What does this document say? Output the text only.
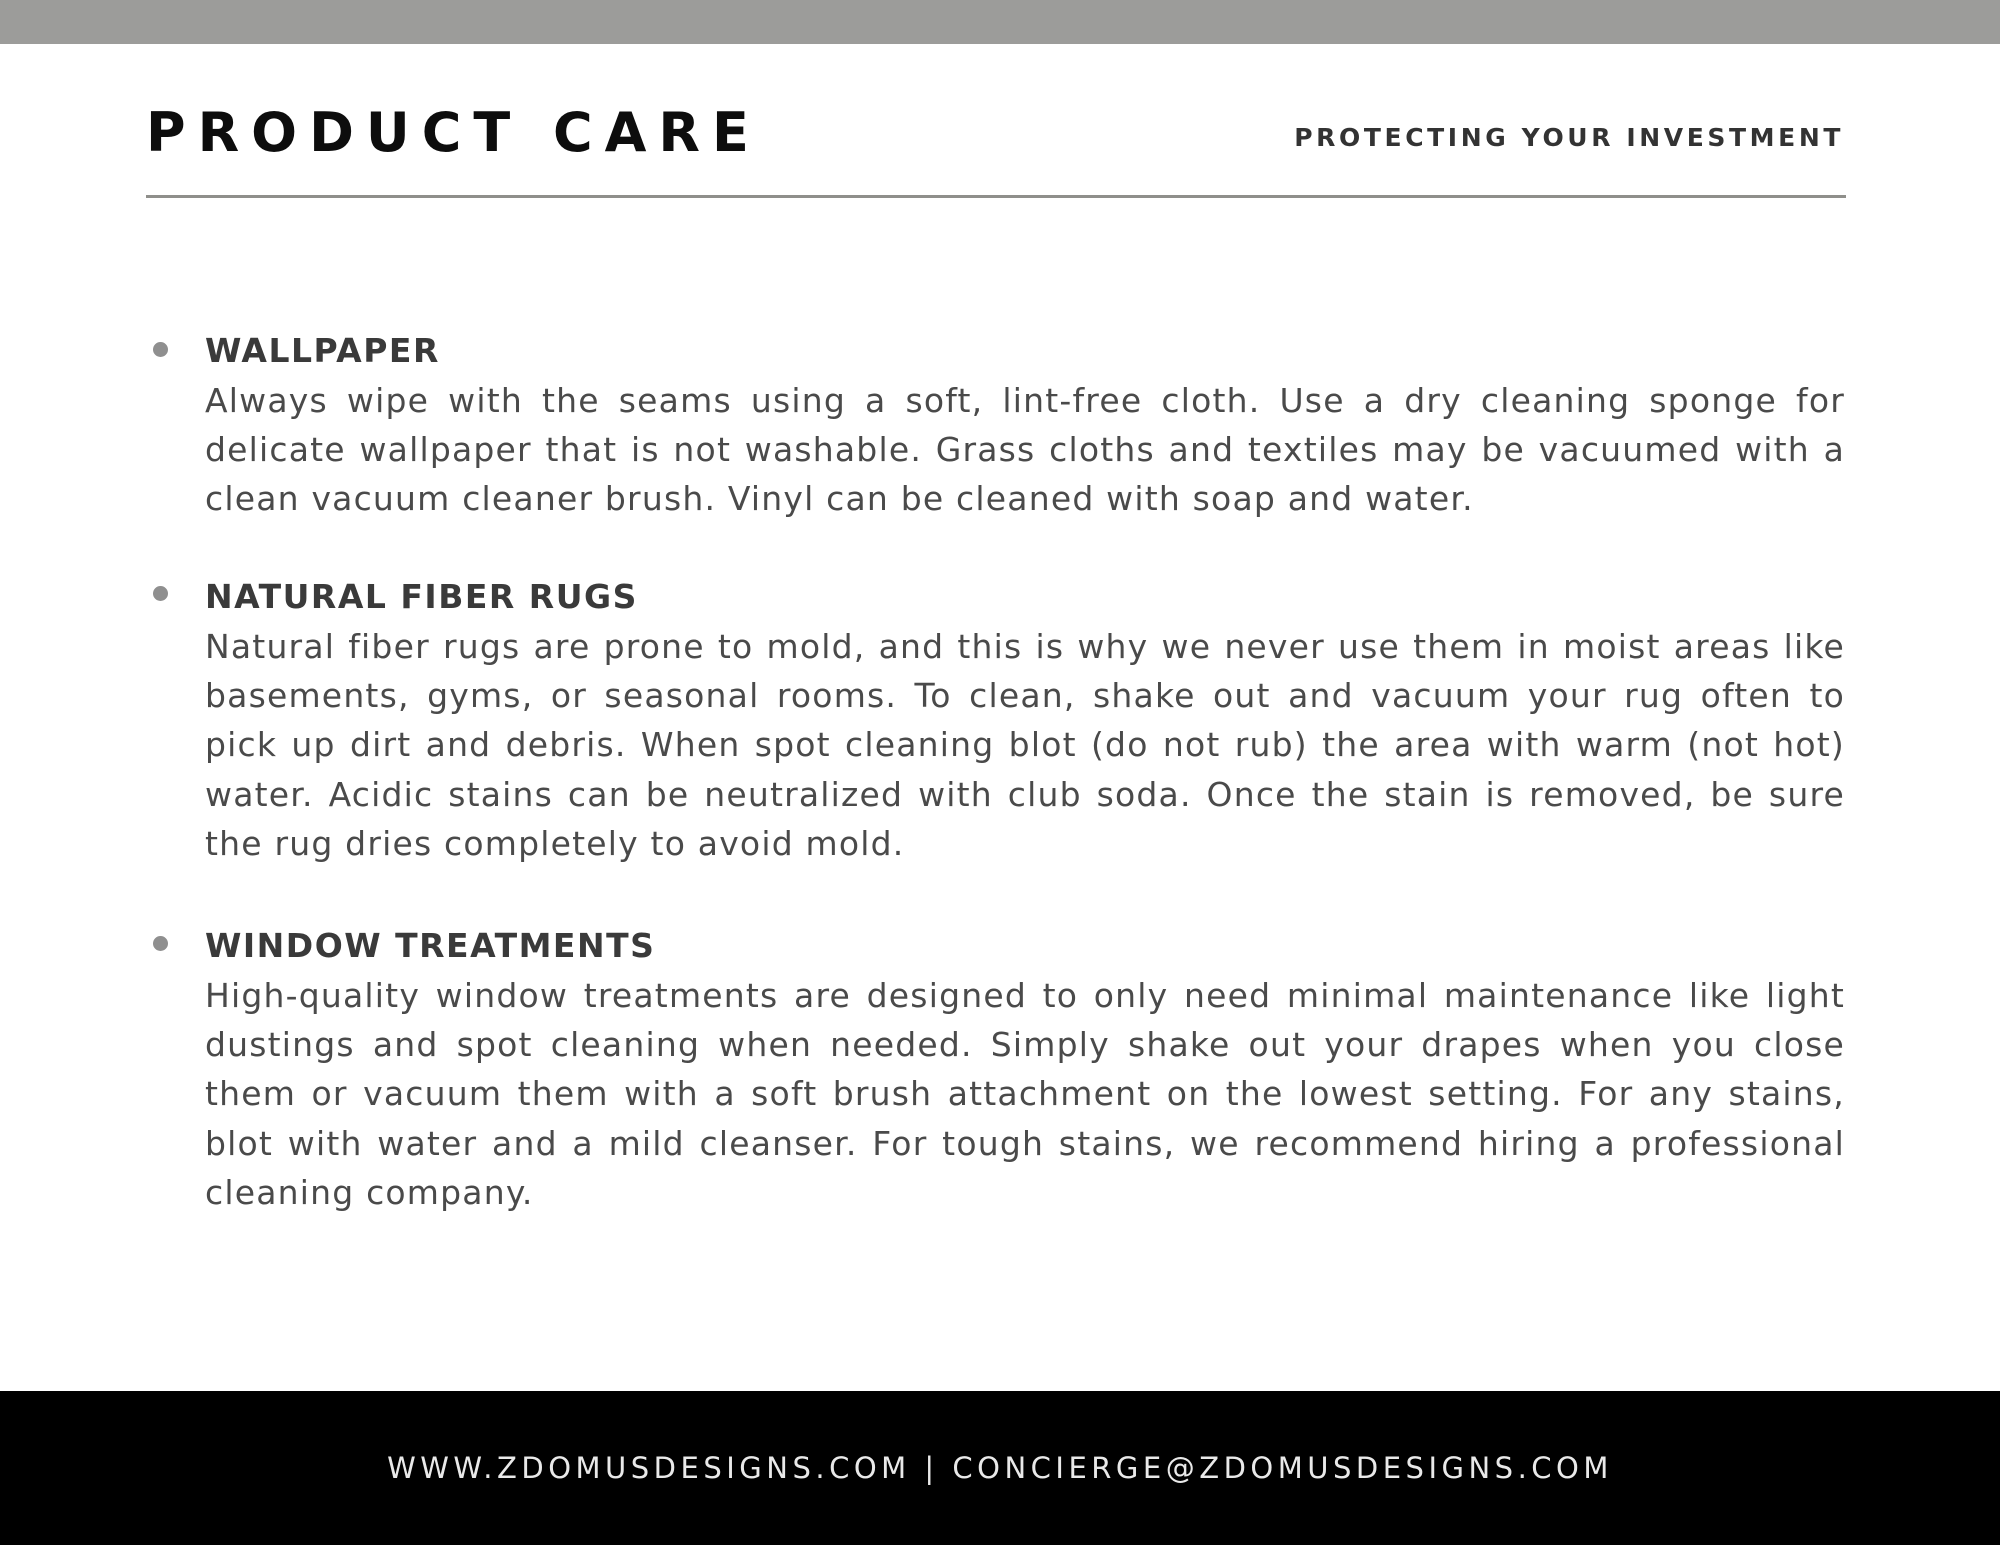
PRODUCT CARE	PROTECTING YOUR INVESTMENT
WALLPAPER
Always wipe with the seams using a soft, lint-free cloth. Use a dry cleaning sponge for delicate wallpaper that is not washable. Grass cloths and textiles may be vacuumed with a clean vacuum cleaner brush. Vinyl can be cleaned with soap and water.
NATURAL FIBER RUGS
Natural fiber rugs are prone to mold, and this is why we never use them in moist areas like basements, gyms, or seasonal rooms. To clean, shake out and vacuum your rug often to pick up dirt and debris. When spot cleaning blot (do not rub) the area with warm (not hot) water. Acidic stains can be neutralized with club soda. Once the stain is removed, be sure the rug dries completely to avoid mold.
WINDOW TREATMENTS
High-quality window treatments are designed to only need minimal maintenance like light dustings and spot cleaning when needed. Simply shake out your drapes when you close them or vacuum them with a soft brush attachment on the lowest setting. For any stains, blot with water and a mild cleanser. For tough stains, we recommend hiring a professional cleaning company.
WWW.ZDOMUSDESIGNS.COM | CONCIERGE@ZDOMUSDESIGNS.COM
